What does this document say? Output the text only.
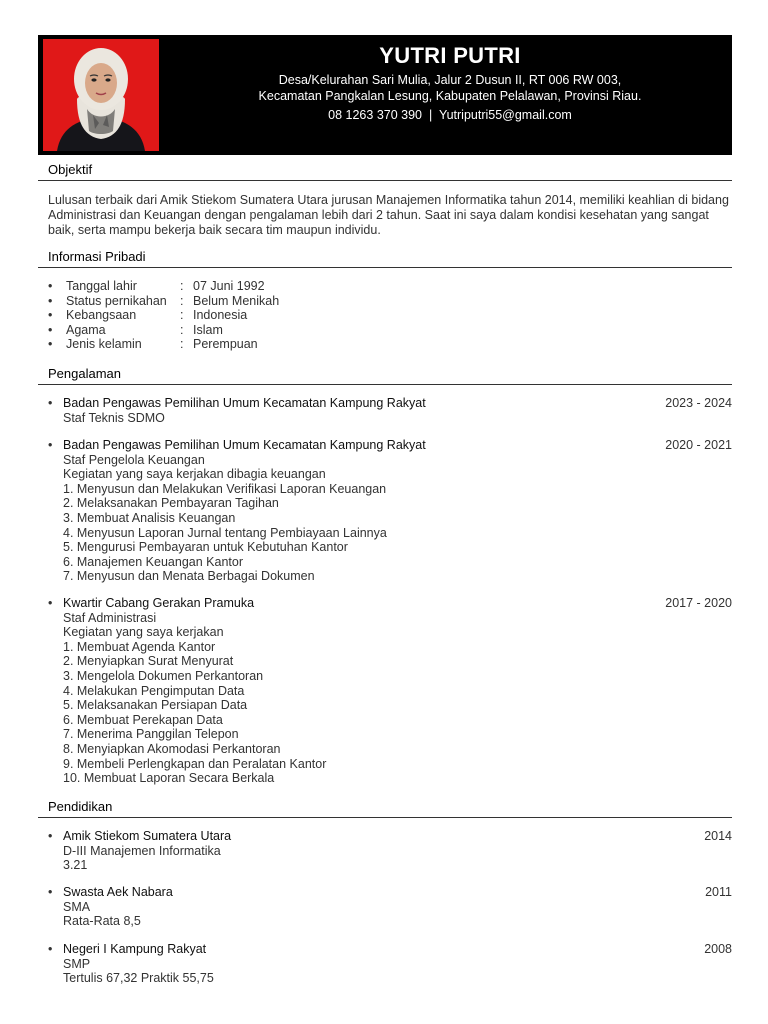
YUTRI PUTRI
Desa/Kelurahan Sari Mulia, Jalur 2 Dusun II, RT 006 RW 003,
Kecamatan Pangkalan Lesung, Kabupaten Pelalawan, Provinsi Riau.
08 1263 370 390 | Yutriputri55@gmail.com
Objektif
Lulusan terbaik dari Amik Stiekom Sumatera Utara jurusan Manajemen Informatika tahun 2014, memiliki keahlian di bidang Administrasi dan Keuangan dengan pengalaman lebih dari 2 tahun. Saat ini saya dalam kondisi kesehatan yang sangat baik, serta mampu bekerja baik secara tim maupun individu.
Informasi Pribadi
•	Tanggal lahir	: 07 Juni 1992
•	Status pernikahan	: Belum Menikah
•	Kebangsaan	: Indonesia
•	Agama	: Islam
•	Jenis kelamin	: Perempuan
Pengalaman
• Badan Pengawas Pemilihan Umum Kecamatan Kampung Rakyat	2023 - 2024
Staf Teknis SDMO
• Badan Pengawas Pemilihan Umum Kecamatan Kampung Rakyat	2020 - 2021
Staf Pengelola Keuangan
Kegiatan yang saya kerjakan dibagia keuangan
1. Menyusun dan Melakukan Verifikasi Laporan Keuangan
2. Melaksanakan Pembayaran Tagihan
3. Membuat Analisis Keuangan
4. Menyusun Laporan Jurnal tentang Pembiayaan Lainnya
5. Mengurusi Pembayaran untuk Kebutuhan Kantor
6. Manajemen Keuangan Kantor
7. Menyusun dan Menata Berbagai Dokumen
• Kwartir Cabang Gerakan Pramuka	2017 - 2020
Staf Administrasi
Kegiatan yang saya kerjakan
1. Membuat Agenda Kantor
2. Menyiapkan Surat Menyurat
3. Mengelola Dokumen Perkantoran
4. Melakukan Pengimputan Data
5. Melaksanakan Persiapan Data
6. Membuat Perekapan Data
7. Menerima Panggilan Telepon
8. Menyiapkan Akomodasi Perkantoran
9. Membeli Perlengkapan dan Peralatan Kantor
10. Membuat Laporan Secara Berkala
Pendidikan
• Amik Stiekom Sumatera Utara	2014
D-III Manajemen Informatika
3.21
• Swasta Aek Nabara	2011
SMA
Rata-Rata 8,5
• Negeri I Kampung Rakyat	2008
SMP
Tertulis 67,32 Praktik 55,75
